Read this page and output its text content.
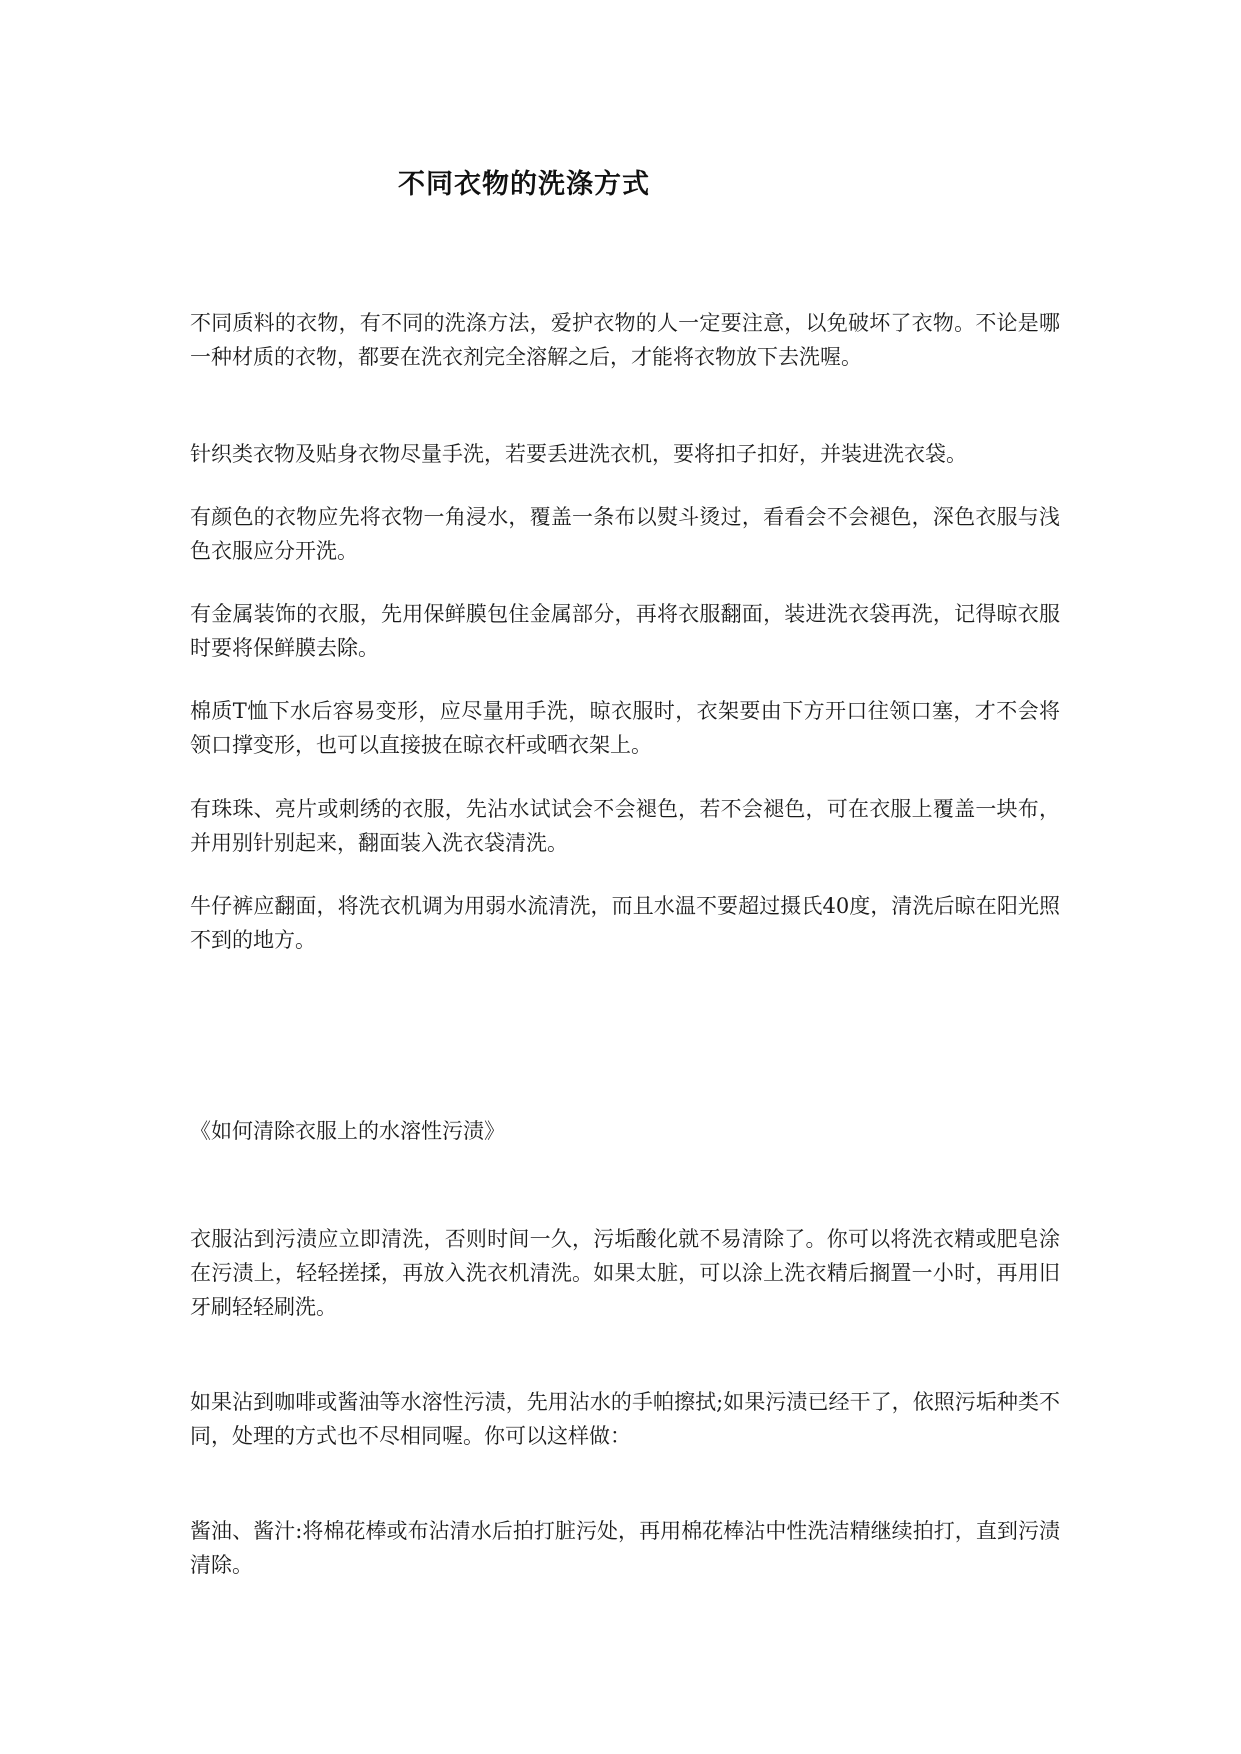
不同衣物的洗涤方式

不同质料的衣物，有不同的洗涤方法，爱护衣物的人一定要注意，以免破坏了衣物。不论是哪一种材质的衣物，都要在洗衣剂完全溶解之后，才能将衣物放下去洗喔。

针织类衣物及贴身衣物尽量手洗，若要丢进洗衣机，要将扣子扣好，并装进洗衣袋。

有颜色的衣物应先将衣物一角浸水，覆盖一条布以熨斗烫过，看看会不会褪色，深色衣服与浅色衣服应分开洗。

有金属装饰的衣服，先用保鲜膜包住金属部分，再将衣服翻面，装进洗衣袋再洗，记得晾衣服时要将保鲜膜去除。

棉质T恤下水后容易变形，应尽量用手洗，晾衣服时，衣架要由下方开口往领口塞，才不会将领口撑变形，也可以直接披在晾衣杆或晒衣架上。

有珠珠、亮片或刺绣的衣服，先沾水试试会不会褪色，若不会褪色，可在衣服上覆盖一块布，并用别针别起来，翻面装入洗衣袋清洗。

牛仔裤应翻面，将洗衣机调为用弱水流清洗，而且水温不要超过摄氏40度，清洗后晾在阳光照不到的地方。

《如何清除衣服上的水溶性污渍》

衣服沾到污渍应立即清洗，否则时间一久，污垢酸化就不易清除了。你可以将洗衣精或肥皂涂在污渍上，轻轻搓揉，再放入洗衣机清洗。如果太脏，可以涂上洗衣精后搁置一小时，再用旧牙刷轻轻刷洗。

如果沾到咖啡或酱油等水溶性污渍，先用沾水的手帕擦拭;如果污渍已经干了，依照污垢种类不同，处理的方式也不尽相同喔。你可以这样做：

酱油、酱汁:将棉花棒或布沾清水后拍打脏污处，再用棉花棒沾中性洗洁精继续拍打，直到污渍清除。
